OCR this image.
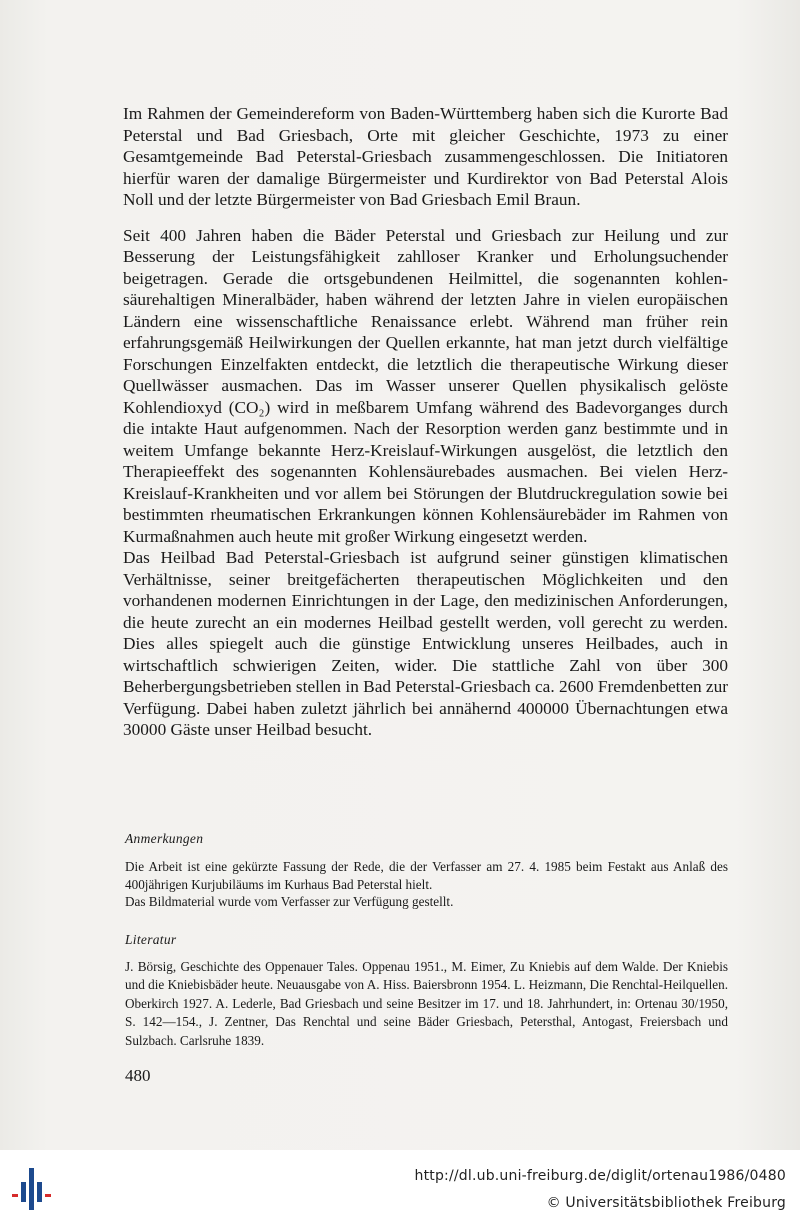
Im Rahmen der Gemeindereform von Baden-Württemberg haben sich die Kurorte Bad Peterstal und Bad Griesbach, Orte mit gleicher Geschichte, 1973 zu einer Gesamtgemeinde Bad Peterstal-Griesbach zusammengeschlossen. Die Initiatoren hierfür waren der damalige Bürgermeister und Kurdirektor von Bad Peterstal Alois Noll und der letzte Bürgermeister von Bad Griesbach Emil Braun.

Seit 400 Jahren haben die Bäder Peterstal und Griesbach zur Heilung und zur Besserung der Leistungsfähigkeit zahlloser Kranker und Erholungsuchender beigetragen. Gerade die ortsgebundenen Heilmittel, die sogenannten kohlensäurehaltigen Mineralbäder, haben während der letzten Jahre in vielen europäischen Ländern eine wissenschaftliche Renaissance erlebt. Während man früher rein erfahrungsgemäß Heilwirkungen der Quellen erkannte, hat man jetzt durch vielfältige Forschungen Einzelfakten entdeckt, die letztlich die therapeutische Wirkung dieser Quellwässer ausmachen. Das im Wasser unserer Quellen physikalisch gelöste Kohlendioxyd (CO₂) wird in meßbarem Umfang während des Badevorganges durch die intakte Haut aufgenommen. Nach der Resorption werden ganz bestimmte und in weitem Umfange bekannte Herz-Kreislauf-Wirkungen ausgelöst, die letztlich den Therapieeffekt des sogenannten Kohlensäurebades ausmachen. Bei vielen Herz-Kreislauf-Krankheiten und vor allem bei Störungen der Blutdruckregulation sowie bei bestimmten rheumatischen Erkrankungen können Kohlensäurebäder im Rahmen von Kurmaßnahmen auch heute mit großer Wirkung eingesetzt werden.

Das Heilbad Bad Peterstal-Griesbach ist aufgrund seiner günstigen klimatischen Verhältnisse, seiner breitgefächerten therapeutischen Möglichkeiten und den vorhandenen modernen Einrichtungen in der Lage, den medizinischen Anforderungen, die heute zurecht an ein modernes Heilbad gestellt werden, voll gerecht zu werden. Dies alles spiegelt auch die günstige Entwicklung unseres Heilbades, auch in wirtschaftlich schwierigen Zeiten, wider. Die stattliche Zahl von über 300 Beherbergungsbetrieben stellen in Bad Peterstal-Griesbach ca. 2600 Fremdenbetten zur Verfügung. Dabei haben zuletzt jährlich bei annähernd 400000 Übernachtungen etwa 30000 Gäste unser Heilbad besucht.

Anmerkungen

Die Arbeit ist eine gekürzte Fassung der Rede, die der Verfasser am 27. 4. 1985 beim Festakt aus Anlaß des 400jährigen Kurjubiläums im Kurhaus Bad Peterstal hielt.

Das Bildmaterial wurde vom Verfasser zur Verfügung gestellt.

Literatur

J. Börsig, Geschichte des Oppenauer Tales. Oppenau 1951., M. Eimer, Zu Kniebis auf dem Walde. Der Kniebis und die Kniebisbäder heute. Neuausgabe von A. Hiss. Baiersbronn 1954. L. Heizmann, Die Renchtal-Heilquellen. Oberkirch 1927. A. Lederle, Bad Griesbach und seine Besitzer im 17. und 18. Jahrhundert, in: Ortenau 30/1950, S. 142—154., J. Zentner, Das Renchtal und seine Bäder Griesbach, Petersthal, Antogast, Freiersbach und Sulzbach. Carlsruhe 1839.

480
http://dl.ub.uni-freiburg.de/diglit/ortenau1986/0480
© Universitätsbibliothek Freiburg
